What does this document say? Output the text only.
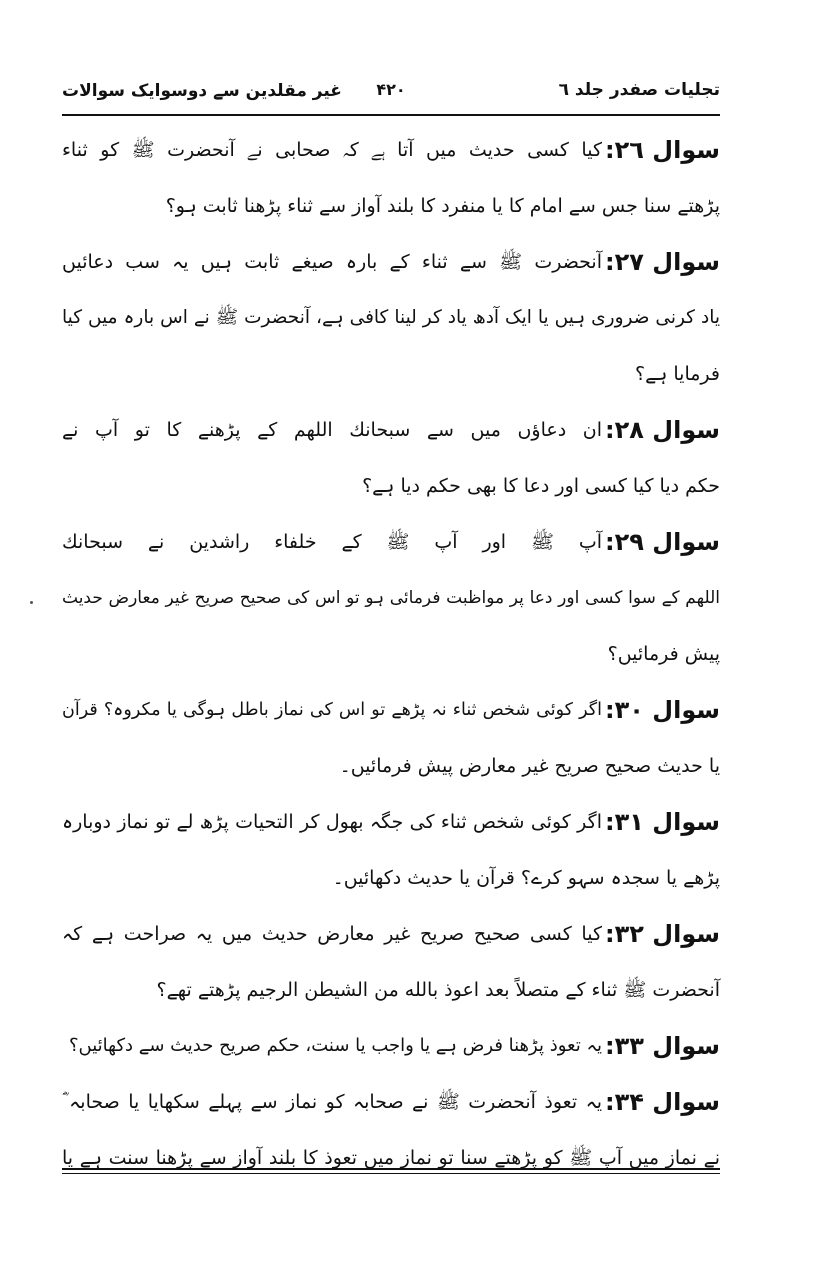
تجلیات صفدر جلد ٦
۴۲۰
غیر مقلدین سے دوسوایک سوالات
سوال ۲٦:
کیا کسی حدیث میں آتا ہے کہ صحابی نے آنحضرت ﷺ کو ثناء
پڑھتے سنا جس سے امام کا یا منفرد کا بلند آواز سے ثناء پڑھنا ثابت ہو؟
سوال ۲۷:
آنحضرت ﷺ سے ثناء کے بارہ صیغے ثابت ہیں یہ سب دعائیں
یاد کرنی ضروری ہیں یا ایک آدھ یاد کر لینا کافی ہے، آنحضرت ﷺ نے اس بارہ میں کیا
فرمایا ہے؟
سوال ۲۸:
ان دعاؤں میں سے سبحانك اللهم کے پڑھنے کا تو آپ نے
حکم دیا کیا کسی اور دعا کا بھی حکم دیا ہے؟
سوال ۲۹:
آپ ﷺ اور آپ ﷺ کے خلفاء راشدین نے سبحانك
اللهم کے سوا کسی اور دعا پر مواظبت فرمائی ہو تو اس کی صحیح صریح غیر معارض حدیث
پیش فرمائیں؟
سوال ۳۰:
اگر کوئی شخص ثناء نہ پڑھے تو اس کی نماز باطل ہوگی یا مکروہ؟ قرآن
یا حدیث صحیح صریح غیر معارض پیش فرمائیں۔
سوال ۳۱:
اگر کوئی شخص ثناء کی جگہ بھول کر التحیات پڑھ لے تو نماز دوبارہ
پڑھے یا سجدہ سہو کرے؟ قرآن یا حدیث دکھائیں۔
سوال ۳۲:
کیا کسی صحیح صریح غیر معارض حدیث میں یہ صراحت ہے کہ
آنحضرت ﷺ ثناء کے متصلاً بعد اعوذ بالله من الشیطن الرجیم پڑھتے تھے؟
سوال ۳۳:
یہ تعوذ پڑھنا فرض ہے یا واجب یا سنت، حکم صریح حدیث سے دکھائیں؟
سوال ۳۴:
یہ تعوذ آنحضرت ﷺ نے صحابہ کو نماز سے پہلے سکھایا یا صحابہ ؓ
نے نماز میں آپ ﷺ کو پڑھتے سنا تو نماز میں تعوذ کا بلند آواز سے پڑھنا سنت ہے یا
